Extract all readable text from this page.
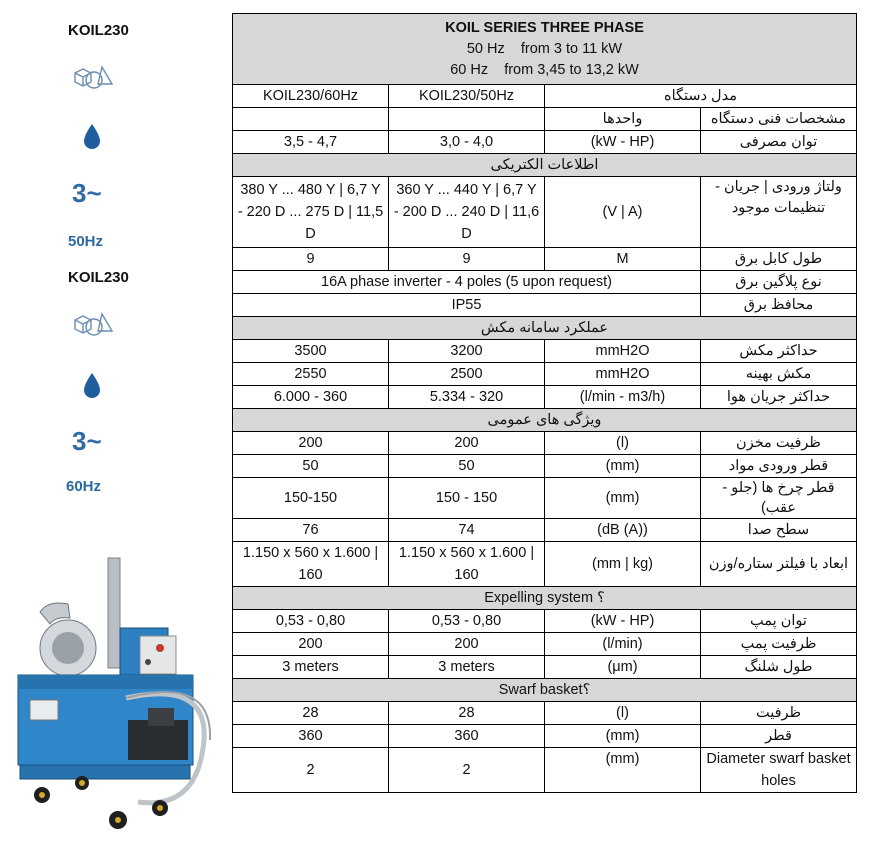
KOIL230
3~
50Hz
KOIL230
3~
60Hz
KOIL SERIES THREE PHASE
50 Hz    from 3 to 11 kW
60 Hz    from 3,45 to 13,2 kW			

KOIL230/60Hz	KOIL230/50Hz	مدل دستگاه	
		واحدها	مشخصات فنی دستگاه
3,5 - 4,7	3,0 - 4,0	(kW - HP)	توان مصرفی
اطلاعات الکتریکی			
380 Y ... 480 Y | 6,7 Y - 220 D ... 275 D | 11,5 D	360 Y ... 440 Y | 6,7 Y - 200 D ... 240 D | 11,6 D	(V | A)	ولتاژ ورودی | جریان - تنظیمات موجود
9	9	M	طول کابل برق
16A phase inverter - 4 poles (5 upon request)			نوع پلاگین برق
IP55			محافظ برق
عملکرد سامانه مکش			
3500	3200	mmH2O	حداکثر مکش
2550	2500	mmH2O	مکش بهینه
6.000 - 360	5.334 - 320	(l/min - m3/h)	حداکثر جریان هوا
ویژگی های عمومی			
200	200	(l)	ظرفیت مخزن
50	50	(mm)	قطر ورودی مواد
150-150	150 - 150	(mm)	قطر چرخ ها (جلو - عقب)
76	74	(dB (A))	سطح صدا
1.150 x 560 x 1.600 | 160	1.150 x 560 x 1.600 | 160	(mm | kg)	ابعاد با فیلتر ستاره/وزن
Expelling system ؟			
0,53 - 0,80	0,53 - 0,80	(kW - HP)	توان پمپ
200	200	(l/min)	ظرفیت پمپ
3 meters	3 meters	(μm)	طول شلنگ
Swarf basket؟			
28	28	(l)	ظرفیت
360	360	(mm)	قطر
2	2	(mm)	Diameter swarf basket holes
